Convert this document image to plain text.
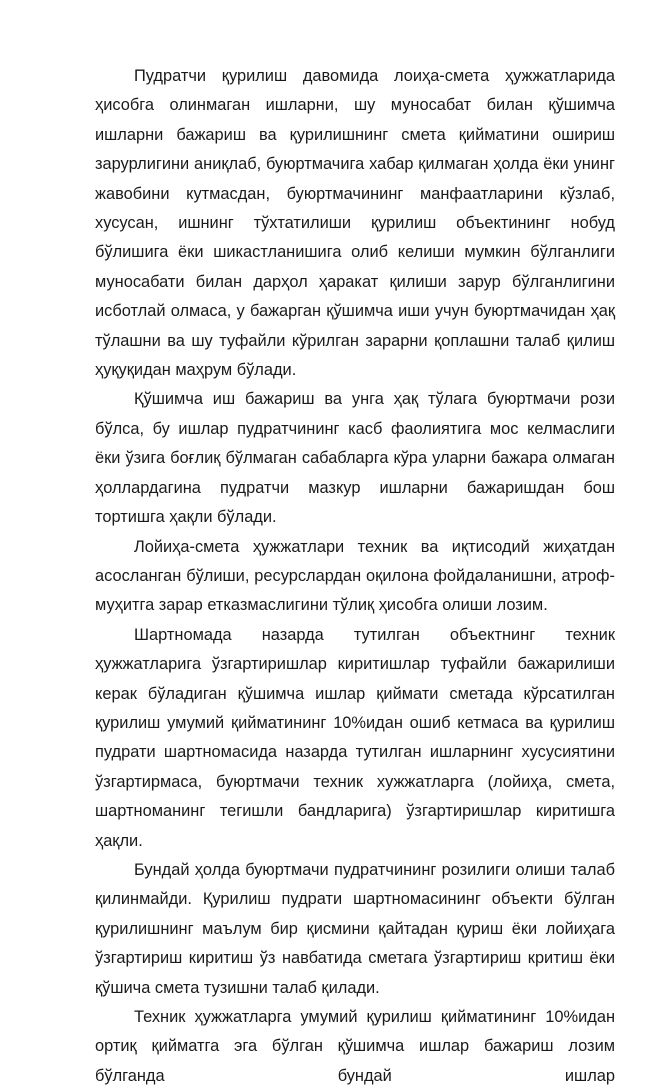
Пудратчи қурилиш давомида лоиҳа-смета ҳужжатларида ҳисобга олинмаган ишларни, шу муносабат билан қўшимча ишларни бажариш ва қурилишнинг смета қийматини ошириш зарурлигини аниқлаб, буюртмачига хабар қилмаган ҳолда ёки унинг жавобини кутмасдан, буюртмачининг манфаатларини кўзлаб, хусусан, ишнинг тўхтатилиши қурилиш объектининг нобуд бўлишига ёки шикастланишига олиб келиши мумкин бўлганлиги муносабати билан дарҳол ҳаракат қилиши зарур бўлганлигини исботлай олмаса, у бажарган қўшимча иши учун буюртмачидан ҳақ тўлашни ва шу туфайли кўрилган зарарни қоплашни талаб қилиш ҳуқуқидан маҳрум бўлади.

Қўшимча иш бажариш ва унга ҳақ тўлага буюртмачи рози бўлса, бу ишлар пудратчининг касб фаолиятига мос келмаслиги ёки ўзига боғлиқ бўлмаган сабабларга кўра уларни бажара олмаган ҳоллардагина пудратчи мазкур ишларни бажаришдан бош тортишга ҳақли бўлади.

Лойиҳа-смета ҳужжатлари техник ва иқтисодий жиҳатдан асосланган бўлиши, ресурслардан оқилона фойдаланишни, атроф-муҳитга зарар етказмаслигини тўлиқ ҳисобга олиши лозим.

Шартномада назарда тутилган объектнинг техник ҳужжатларига ўзгартиришлар киритишлар туфайли бажарилиши керак бўладиган қўшимча ишлар қиймати сметада кўрсатилган қурилиш умумий қийматининг 10%идан ошиб кетмаса ва қурилиш пудрати шартномасида назарда тутилган ишларнинг хусусиятини ўзгартирмаса, буюртмачи техник хужжатларга (лойиҳа, смета, шартноманинг тегишли бандларига) ўзгартиришлар киритишга ҳақли.

Бундай ҳолда буюртмачи пудратчининг розилиги олиши талаб қилинмайди. Қурилиш пудрати шартномасининг объекти бўлган қурилишнинг маълум бир қисмини қайтадан қуриш ёки лойиҳага ўзгартириш киритиш ўз навбатида сметага ўзгартириш критиш ёки қўшича смета тузишни талаб қилади.

Техник ҳужжатларга умумий қурилиш қийматининг 10%идан ортиқ қийматга эга бўлган қўшимча ишлар бажариш лозим бўлганда бундай ишлар
